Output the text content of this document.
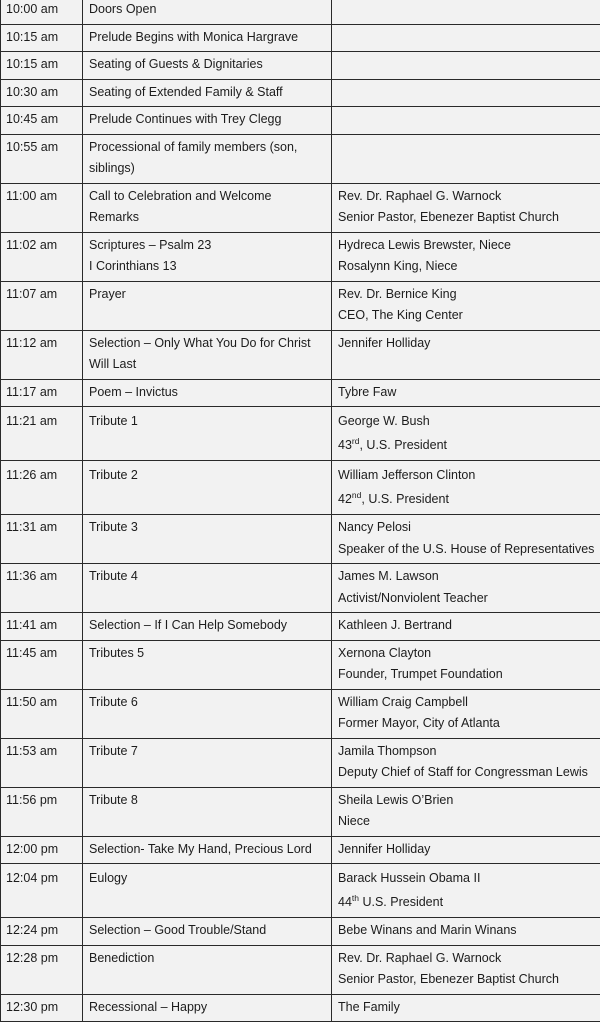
10:00 am	Doors Open	

10:15 am	Prelude Begins with Monica Hargrave	

10:15 am	Seating of Guests & Dignitaries	

10:30 am	Seating of Extended Family & Staff	

10:45 am	Prelude Continues with Trey Clegg	

10:55 am	Processional of family members (son,
siblings)	

11:00 am	Call to Celebration and Welcome
Remarks	Rev. Dr. Raphael G. Warnock
Senior Pastor, Ebenezer Baptist Church

11:02 am	Scriptures – Psalm 23
I Corinthians 13	Hydreca Lewis Brewster, Niece
Rosalynn King, Niece

11:07 am	Prayer	Rev. Dr. Bernice King
CEO, The King Center

11:12 am	Selection – Only What You Do for Christ
Will Last	Jennifer Holliday

11:17 am	Poem – Invictus	Tybre Faw

11:21 am	Tribute 1	George W. Bush
43rd, U.S. President

11:26 am	Tribute 2	William Jefferson Clinton
42nd, U.S. President

11:31 am	Tribute 3	Nancy Pelosi
Speaker of the U.S. House of Representatives

11:36 am	Tribute 4	James M. Lawson
Activist/Nonviolent Teacher

11:41 am	Selection – If I Can Help Somebody	Kathleen J. Bertrand

11:45 am	Tributes 5	Xernona Clayton
Founder, Trumpet Foundation

11:50 am	Tribute 6	William Craig Campbell
Former Mayor, City of Atlanta

11:53 am	Tribute 7	Jamila Thompson
Deputy Chief of Staff for Congressman Lewis

11:56 pm	Tribute 8	Sheila Lewis O’Brien
Niece

12:00 pm	Selection- Take My Hand, Precious Lord	Jennifer Holliday

12:04 pm	Eulogy	Barack Hussein Obama II
44th U.S. President

12:24 pm	Selection – Good Trouble/Stand	Bebe Winans and Marin Winans

12:28 pm	Benediction	Rev. Dr. Raphael G. Warnock
Senior Pastor, Ebenezer Baptist Church

12:30 pm	Recessional – Happy	The Family
